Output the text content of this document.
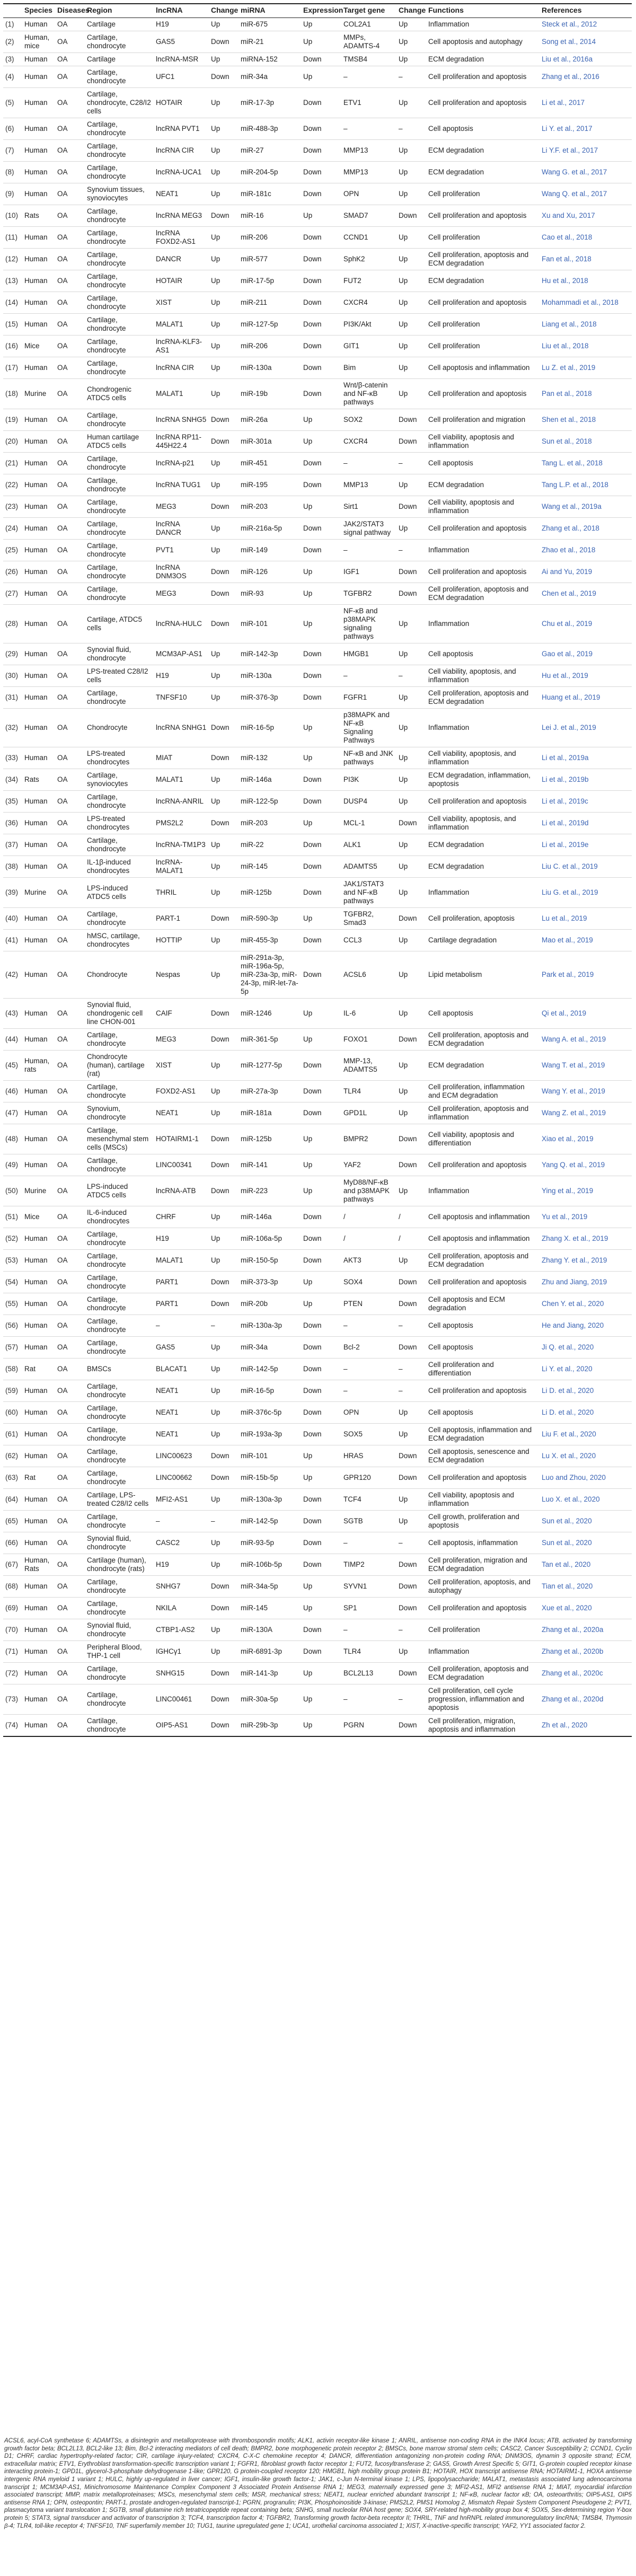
	Species	Diseases	Region	lncRNA	Change	miRNA	Expression	Target gene	Change	Functions	References
(1)	Human	OA	Cartilage	H19	Up	miR-675	Up	COL2A1	Up	Inflammation	Steck et al., 2012
(2)	Human, mice	OA	Cartilage, chondrocyte	GAS5	Down	miR-21	Up	MMPs, ADAMTS-4	Up	Cell apoptosis and autophagy	Song et al., 2014
(3)	Human	OA	Cartilage	lncRNA-MSR	Up	miRNA-152	Down	TMSB4	Up	ECM degradation	Liu et al., 2016a
(4)	Human	OA	Cartilage, chondrocyte	UFC1	Down	miR-34a	Up	–	–	Cell proliferation and apoptosis	Zhang et al., 2016
(5)	Human	OA	Cartilage, chondrocyte, C28/I2 cells	HOTAIR	Up	miR-17-3p	Down	ETV1	Up	Cell proliferation and apoptosis	Li et al., 2017
(6)	Human	OA	Cartilage, chondrocyte	lncRNA PVT1	Up	miR-488-3p	Down	–	–	Cell apoptosis	Li Y. et al., 2017
(7)	Human	OA	Cartilage, chondrocyte	lncRNA CIR	Up	miR-27	Down	MMP13	Up	ECM degradation	Li Y.F. et al., 2017
(8)	Human	OA	Cartilage, chondrocyte	lncRNA-UCA1	Up	miR-204-5p	Down	MMP13	Up	ECM degradation	Wang G. et al., 2017
(9)	Human	OA	Synovium tissues, synoviocytes	NEAT1	Up	miR-181c	Down	OPN	Up	Cell proliferation	Wang Q. et al., 2017
(10)	Rats	OA	Cartilage, chondrocyte	lncRNA MEG3	Down	miR-16	Up	SMAD7	Down	Cell proliferation and apoptosis	Xu and Xu, 2017
(11)	Human	OA	Cartilage, chondrocyte	lncRNA FOXD2-AS1	Up	miR-206	Down	CCND1	Up	Cell proliferation	Cao et al., 2018
(12)	Human	OA	Cartilage, chondrocyte	DANCR	Up	miR-577	Down	SphK2	Up	Cell proliferation, apoptosis and ECM degradation	Fan et al., 2018
(13)	Human	OA	Cartilage, chondrocyte	HOTAIR	Up	miR-17-5p	Down	FUT2	Up	ECM degradation	Hu et al., 2018
(14)	Human	OA	Cartilage, chondrocyte	XIST	Up	miR-211	Down	CXCR4	Up	Cell proliferation and apoptosis	Mohammadi et al., 2018
(15)	Human	OA	Cartilage, chondrocyte	MALAT1	Up	miR-127-5p	Down	PI3K/Akt	Up	Cell proliferation	Liang et al., 2018
(16)	Mice	OA	Cartilage, chondrocyte	lncRNA-KLF3-AS1	Up	miR-206	Down	GIT1	Up	Cell proliferation	Liu et al., 2018
(17)	Human	OA	Cartilage, chondrocyte	lncRNA CIR	Up	miR-130a	Down	Bim	Up	Cell apoptosis and inflammation	Lu Z. et al., 2019
(18)	Murine	OA	Chondrogenic ATDC5 cells	MALAT1	Up	miR-19b	Down	Wnt/β-catenin and NF-κB pathways	Up	Cell proliferation and apoptosis	Pan et al., 2018
(19)	Human	OA	Cartilage, chondrocyte	lncRNA SNHG5	Down	miR-26a	Up	SOX2	Down	Cell proliferation and migration	Shen et al., 2018
(20)	Human	OA	Human cartilage ATDC5 cells	lncRNA RP11-445H22.4	Down	miR-301a	Up	CXCR4	Down	Cell viability, apoptosis and inflammation	Sun et al., 2018
(21)	Human	OA	Cartilage, chondrocyte	lncRNA-p21	Up	miR-451	Down	–	–	Cell apoptosis	Tang L. et al., 2018
(22)	Human	OA	Cartilage, chondrocyte	lncRNA TUG1	Up	miR-195	Down	MMP13	Up	ECM degradation	Tang L.P. et al., 2018
(23)	Human	OA	Cartilage, chondrocyte	MEG3	Down	miR-203	Up	Sirt1	Down	Cell viability, apoptosis and inflammation	Wang et al., 2019a
(24)	Human	OA	Cartilage, chondrocyte	lncRNA DANCR	Up	miR-216a-5p	Down	JAK2/STAT3 signal pathway	Up	Cell proliferation and apoptosis	Zhang et al., 2018
(25)	Human	OA	Cartilage, chondrocyte	PVT1	Up	miR-149	Down	–	–	Inflammation	Zhao et al., 2018
(26)	Human	OA	Cartilage, chondrocyte	lncRNA DNM3OS	Down	miR-126	Up	IGF1	Down	Cell proliferation and apoptosis	Ai and Yu, 2019
(27)	Human	OA	Cartilage, chondrocyte	MEG3	Down	miR-93	Up	TGFBR2	Down	Cell proliferation, apoptosis and ECM degradation	Chen et al., 2019
(28)	Human	OA	Cartilage, ATDC5 cells	lncRNA-HULC	Down	miR-101	Up	NF-κB and p38MAPK signaling pathways	Up	Inflammation	Chu et al., 2019
(29)	Human	OA	Synovial fluid, chondrocyte	MCM3AP-AS1	Up	miR-142-3p	Down	HMGB1	Up	Cell apoptosis	Gao et al., 2019
(30)	Human	OA	LPS-treated C28/I2 cells	H19	Up	miR-130a	Down	–	–	Cell viability, apoptosis, and inflammation	Hu et al., 2019
(31)	Human	OA	Cartilage, chondrocyte	TNFSF10	Up	miR-376-3p	Down	FGFR1	Up	Cell proliferation, apoptosis and ECM degradation	Huang et al., 2019
(32)	Human	OA	Chondrocyte	lncRNA SNHG1	Down	miR-16-5p	Up	p38MAPK and NF-κB Signaling Pathways	Up	Inflammation	Lei J. et al., 2019
(33)	Human	OA	LPS-treated chondrocytes	MIAT	Down	miR-132	Up	NF-κB and JNK pathways	Up	Cell viability, apoptosis, and inflammation	Li et al., 2019a
(34)	Rats	OA	Cartilage, synoviocytes	MALAT1	Up	miR-146a	Down	PI3K	Up	ECM degradation, inflammation, apoptosis	Li et al., 2019b
(35)	Human	OA	Cartilage, chondrocyte	lncRNA-ANRIL	Up	miR-122-5p	Down	DUSP4	Up	Cell proliferation and apoptosis	Li et al., 2019c
(36)	Human	OA	LPS-treated chondrocytes	PMS2L2	Down	miR-203	Up	MCL-1	Down	Cell viability, apoptosis, and inflammation	Li et al., 2019d
(37)	Human	OA	Cartilage, chondrocyte	lncRNA-TM1P3	Up	miR-22	Down	ALK1	Up	ECM degradation	Li et al., 2019e
(38)	Human	OA	IL-1β-induced chondrocytes	lncRNA-MALAT1	Up	miR-145	Down	ADAMTS5	Up	ECM degradation	Liu C. et al., 2019
(39)	Murine	OA	LPS-induced ATDC5 cells	THRIL	Up	miR-125b	Down	JAK1/STAT3 and NF-κB pathways	Up	Inflammation	Liu G. et al., 2019
(40)	Human	OA	Cartilage, chondrocyte	PART-1	Down	miR-590-3p	Up	TGFBR2, Smad3	Down	Cell proliferation, apoptosis	Lu et al., 2019
(41)	Human	OA	hMSC, cartilage, chondrocytes	HOTTIP	Up	miR-455-3p	Down	CCL3	Up	Cartilage degradation	Mao et al., 2019
(42)	Human	OA	Chondrocyte	Nespas	Up	miR-291a-3p, miR-196a-5p, miR-23a-3p, miR-24-3p, miR-let-7a-5p	Down	ACSL6	Up	Lipid metabolism	Park et al., 2019
(43)	Human	OA	Synovial fluid, chondrogenic cell line CHON-001	CAIF	Down	miR-1246	Up	IL-6	Up	Cell apoptosis	Qi et al., 2019
(44)	Human	OA	Cartilage, chondrocyte	MEG3	Down	miR-361-5p	Up	FOXO1	Down	Cell proliferation, apoptosis and ECM degradation	Wang A. et al., 2019
(45)	Human, rats	OA	Chondrocyte (human), cartilage (rat)	XIST	Up	miR-1277-5p	Down	MMP-13, ADAMTS5	Up	ECM degradation	Wang T. et al., 2019
(46)	Human	OA	Cartilage, chondrocyte	FOXD2-AS1	Up	miR-27a-3p	Down	TLR4	Up	Cell proliferation, inflammation and ECM degradation	Wang Y. et al., 2019
(47)	Human	OA	Synovium, chondrocyte	NEAT1	Up	miR-181a	Down	GPD1L	Up	Cell proliferation, apoptosis and inflammation	Wang Z. et al., 2019
(48)	Human	OA	Cartilage, mesenchymal stem cells (MSCs)	HOTAIRM1-1	Down	miR-125b	Up	BMPR2	Down	Cell viability, apoptosis and differentiation	Xiao et al., 2019
(49)	Human	OA	Cartilage, chondrocyte	LINC00341	Down	miR-141	Up	YAF2	Down	Cell proliferation and apoptosis	Yang Q. et al., 2019
(50)	Murine	OA	LPS-induced ATDC5 cells	lncRNA-ATB	Down	miR-223	Up	MyD88/NF-κB and p38MAPK pathways	Up	Inflammation	Ying et al., 2019
(51)	Mice	OA	IL-6-induced chondrocytes	CHRF	Up	miR-146a	Down	/	/	Cell apoptosis and inflammation	Yu et al., 2019
(52)	Human	OA	Cartilage, chondrocyte	H19	Up	miR-106a-5p	Down	/	/	Cell apoptosis and inflammation	Zhang X. et al., 2019
(53)	Human	OA	Cartilage, chondrocyte	MALAT1	Up	miR-150-5p	Down	AKT3	Up	Cell proliferation, apoptosis and ECM degradation	Zhang Y. et al., 2019
(54)	Human	OA	Cartilage, chondrocyte	PART1	Down	miR-373-3p	Up	SOX4	Down	Cell proliferation and apoptosis	Zhu and Jiang, 2019
(55)	Human	OA	Cartilage, chondrocyte	PART1	Down	miR-20b	Up	PTEN	Down	Cell apoptosis and ECM degradation	Chen Y. et al., 2020
(56)	Human	OA	Cartilage, chondrocyte	–	–	miR-130a-3p	Down	–	–	Cell apoptosis	He and Jiang, 2020
(57)	Human	OA	Cartilage, chondrocyte	GAS5	Up	miR-34a	Down	Bcl-2	Down	Cell apoptosis	Ji Q. et al., 2020
(58)	Rat	OA	BMSCs	BLACAT1	Up	miR-142-5p	Down	–	–	Cell proliferation and differentiation	Li Y. et al., 2020
(59)	Human	OA	Cartilage, chondrocyte	NEAT1	Up	miR-16-5p	Down	–	–	Cell proliferation and apoptosis	Li D. et al., 2020
(60)	Human	OA	Cartilage, chondrocyte	NEAT1	Up	miR-376c-5p	Down	OPN	Up	Cell apoptosis	Li D. et al., 2020
(61)	Human	OA	Cartilage, chondrocyte	NEAT1	Up	miR-193a-3p	Down	SOX5	Up	Cell apoptosis, inflammation and ECM degradation	Liu F. et al., 2020
(62)	Human	OA	Cartilage, chondrocyte	LINC00623	Down	miR-101	Up	HRAS	Down	Cell apoptosis, senescence and ECM degradation	Lu X. et al., 2020
(63)	Rat	OA	Cartilage, chondrocyte	LINC00662	Down	miR-15b-5p	Up	GPR120	Down	Cell proliferation and apoptosis	Luo and Zhou, 2020
(64)	Human	OA	Cartilage, LPS-treated C28/I2 cells	MFI2-AS1	Up	miR-130a-3p	Down	TCF4	Up	Cell viability, apoptosis and inflammation	Luo X. et al., 2020
(65)	Human	OA	Cartilage, chondrocyte	–	–	miR-142-5p	Down	SGTB	Up	Cell growth, proliferation and apoptosis	Sun et al., 2020
(66)	Human	OA	Synovial fluid, chondrocyte	CASC2	Up	miR-93-5p	Down	–	–	Cell apoptosis, inflammation	Sun et al., 2020
(67)	Human, Rats	OA	Cartilage (human), chondrocyte (rats)	H19	Up	miR-106b-5p	Down	TIMP2	Down	Cell proliferation, migration and ECM degradation	Tan et al., 2020
(68)	Human	OA	Cartilage, chondrocyte	SNHG7	Down	miR-34a-5p	Up	SYVN1	Down	Cell proliferation, apoptosis, and autophagy	Tian et al., 2020
(69)	Human	OA	Cartilage, chondrocyte	NKILA	Down	miR-145	Up	SP1	Down	Cell proliferation and apoptosis	Xue et al., 2020
(70)	Human	OA	Synovial fluid, chondrocyte	CTBP1-AS2	Up	miR-130A	Down	–	–	Cell proliferation	Zhang et al., 2020a
(71)	Human	OA	Peripheral Blood, THP-1 cell	IGHCγ1	Up	miR-6891-3p	Down	TLR4	Up	Inflammation	Zhang et al., 2020b
(72)	Human	OA	Cartilage, chondrocyte	SNHG15	Down	miR-141-3p	Up	BCL2L13	Down	Cell proliferation, apoptosis and ECM degradation	Zhang et al., 2020c
(73)	Human	OA	Cartilage, chondrocyte	LINC00461	Down	miR-30a-5p	Up	–	–	Cell proliferation, cell cycle progression, inflammation and apoptosis	Zhang et al., 2020d
(74)	Human	OA	Cartilage, chondrocyte	OIP5-AS1	Down	miR-29b-3p	Up	PGRN	Down	Cell proliferation, migration, apoptosis and inflammation	Zh et al., 2020
ACSL6, acyl-CoA synthetase 6; ADAMTSs, a disintegrin and metalloprotease with thrombospondin motifs; ALK1, activin receptor-like kinase 1; ANRIL, antisense non-coding RNA in the INK4 locus; ATB, activated by transforming growth factor beta; BCL2L13, BCL2-like 13; Bim, Bcl-2 interacting mediators of cell death; BMPR2, bone morphogenetic protein receptor 2; BMSCs, bone marrow stromal stem cells; CASC2, Cancer Susceptibility 2; CCND1, Cyclin D1; CHRF, cardiac hypertrophy-related factor; CIR, cartilage injury-related; CXCR4, C-X-C chemokine receptor 4; DANCR, differentiation antagonizing non-protein coding RNA; DNM3OS, dynamin 3 opposite strand; ECM, extracellular matrix; ETV1, Erythroblast transformation-specific transcription variant 1; FGFR1, fibroblast growth factor receptor 1; FUT2, fucosyltransferase 2; GAS5, Growth Arrest Specific 5; GIT1, G-protein coupled receptor kinase interacting protein-1; GPD1L, glycerol-3-phosphate dehydrogenase 1-like; GPR120, G protein-coupled receptor 120; HMGB1, high mobility group protein B1; HOTAIR, HOX transcript antisense RNA; HOTAIRM1-1, HOXA antisense intergenic RNA myeloid 1 variant 1; HULC, highly up-regulated in liver cancer; IGF1, insulin-like growth factor-1; JAK1, c-Jun N-terminal kinase 1; LPS, lipopolysaccharide; MALAT1, metastasis associated lung adenocarcinoma transcript 1; MCM3AP-AS1, Minichromosome Maintenance Complex Component 3 Associated Protein Antisense RNA 1; MEG3, maternally expressed gene 3; MFI2-AS1, MFI2 antisense RNA 1; MIAT, myocardial infarction associated transcript; MMP, matrix metalloproteinases; MSCs, mesenchymal stem cells; MSR, mechanical stress; NEAT1, nuclear enriched abundant transcript 1; NF-κB, nuclear factor κB; OA, osteoarthritis; OIP5-AS1, OIP5 antisense RNA 1; OPN, osteopontin; PART-1, prostate androgen-regulated transcript-1; PGRN, progranulin; PI3K, Phosphoinositide 3-kinase; PMS2L2, PMS1 Homolog 2, Mismatch Repair System Component Pseudogene 2; PVT1, plasmacytoma variant translocation 1; SGTB, small glutamine rich tetratricopeptide repeat containing beta; SNHG, small nucleolar RNA host gene; SOX4, SRY-related high-mobility group box 4; SOX5, Sex-determining region Y-box protein 5; STAT3, signal transducer and activator of transcription 3; TCF4, transcription factor 4; TGFBR2, Transforming growth factor-beta receptor II; THRIL, TNF and hnRNPL related immunoregulatory lincRNA; TMSB4, Thymosin β-4; TLR4, toll-like receptor 4; TNFSF10, TNF superfamily member 10; TUG1, taurine upregulated gene 1; UCA1, urothelial carcinoma associated 1; XIST, X-inactive-specific transcript; YAF2, YY1 associated factor 2.
